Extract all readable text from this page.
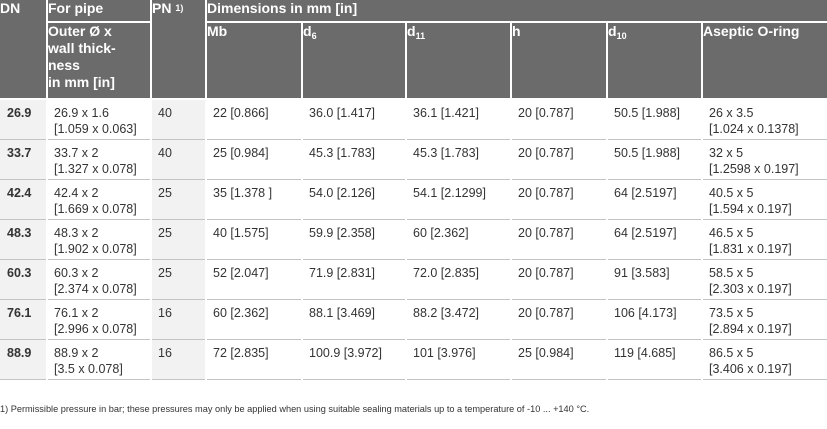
DN	For pipe	PN $^{1)}$	Dimensions in mm [in]					
	Outer Ø x
wall thick-
ness
in mm [in]		Mb	$d_6$	$d_{11}$	h	$d_{10}$	Aseptic O-ring
26.9	26.9 x 1.6
[1.059 x 0.063]	40	22 [0.866]	36.0 [1.417]	36.1 [1.421]	20 [0.787]	50.5 [1.988]	26 x 3.5
[1.024 x 0.1378]
33.7	33.7 x 2
[1.327 x 0.078]	40	25 [0.984]	45.3 [1.783]	45.3 [1.783]	20 [0.787]	50.5 [1.988]	32 x 5
[1.2598 x 0.197]
42.4	42.4 x 2
[1.669 x 0.078]	25	35 [1.378 ]	54.0 [2.126]	54.1 [2.1299]	20 [0.787]	64 [2.5197]	40.5 x 5
[1.594 x 0.197]
48.3	48.3 x 2
[1.902 x 0.078]	25	40 [1.575]	59.9 [2.358]	60 [2.362]	20 [0.787]	64 [2.5197]	46.5 x 5
[1.831 x 0.197]
60.3	60.3 x 2
[2.374 x 0.078]	25	52 [2.047]	71.9 [2.831]	72.0 [2.835]	20 [0.787]	91 [3.583]	58.5 x 5
[2.303 x 0.197]
76.1	76.1 x 2
[2.996 x 0.078]	16	60 [2.362]	88.1 [3.469]	88.2 [3.472]	20 [0.787]	106 [4.173]	73.5 x 5
[2.894 x 0.197]
88.9	88.9 x 2
[3.5 x 0.078]	16	72 [2.835]	100.9 [3.972]	101 [3.976]	25 [0.984]	119 [4.685]	86.5 x 5
[3.406 x 0.197]
1) Permissible pressure in bar; these pressures may only be applied when using suitable sealing materials up to a temperature of -10 ... +140 °C.
